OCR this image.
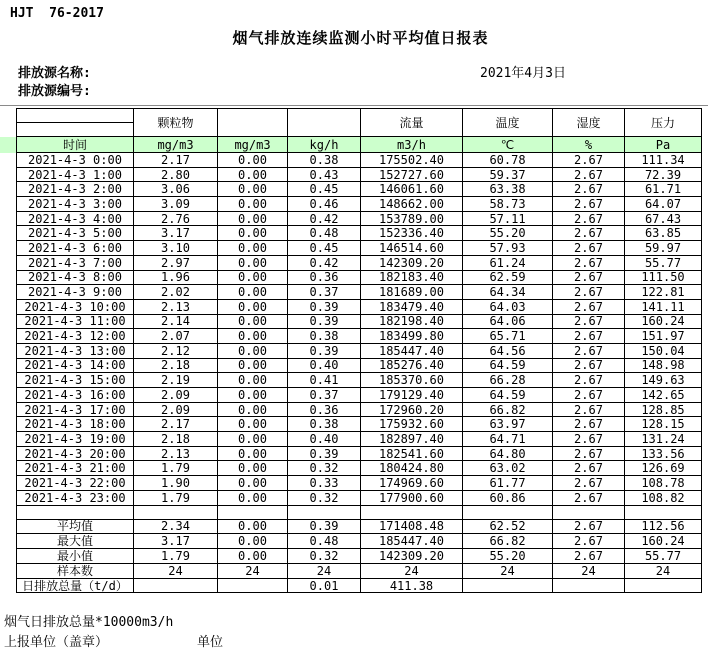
HJT  76-2017
烟气排放连续监测小时平均值日报表
排放源名称:
排放源编号:
2021年4月3日
	颗粒物			流量	温度	湿度	压力

时间	mg/m3	mg/m3	kg/h	m3/h	℃	%	Pa
2021-4-3 0:00	2.17	0.00	0.38	175502.40	60.78	2.67	111.34
2021-4-3 1:00	2.80	0.00	0.43	152727.60	59.37	2.67	72.39
2021-4-3 2:00	3.06	0.00	0.45	146061.60	63.38	2.67	61.71
2021-4-3 3:00	3.09	0.00	0.46	148662.00	58.73	2.67	64.07
2021-4-3 4:00	2.76	0.00	0.42	153789.00	57.11	2.67	67.43
2021-4-3 5:00	3.17	0.00	0.48	152336.40	55.20	2.67	63.85
2021-4-3 6:00	3.10	0.00	0.45	146514.60	57.93	2.67	59.97
2021-4-3 7:00	2.97	0.00	0.42	142309.20	61.24	2.67	55.77
2021-4-3 8:00	1.96	0.00	0.36	182183.40	62.59	2.67	111.50
2021-4-3 9:00	2.02	0.00	0.37	181689.00	64.34	2.67	122.81
2021-4-3 10:00	2.13	0.00	0.39	183479.40	64.03	2.67	141.11
2021-4-3 11:00	2.14	0.00	0.39	182198.40	64.06	2.67	160.24
2021-4-3 12:00	2.07	0.00	0.38	183499.80	65.71	2.67	151.97
2021-4-3 13:00	2.12	0.00	0.39	185447.40	64.56	2.67	150.04
2021-4-3 14:00	2.18	0.00	0.40	185276.40	64.59	2.67	148.98
2021-4-3 15:00	2.19	0.00	0.41	185370.60	66.28	2.67	149.63
2021-4-3 16:00	2.09	0.00	0.37	179129.40	64.59	2.67	142.65
2021-4-3 17:00	2.09	0.00	0.36	172960.20	66.82	2.67	128.85
2021-4-3 18:00	2.17	0.00	0.38	175932.60	63.97	2.67	128.15
2021-4-3 19:00	2.18	0.00	0.40	182897.40	64.71	2.67	131.24
2021-4-3 20:00	2.13	0.00	0.39	182541.60	64.80	2.67	133.56
2021-4-3 21:00	1.79	0.00	0.32	180424.80	63.02	2.67	126.69
2021-4-3 22:00	1.90	0.00	0.33	174969.60	61.77	2.67	108.78
2021-4-3 23:00	1.79	0.00	0.32	177900.60	60.86	2.67	108.82

平均值	2.34	0.00	0.39	171408.48	62.52	2.67	112.56
最大值	3.17	0.00	0.48	185447.40	66.82	2.67	160.24
最小值	1.79	0.00	0.32	142309.20	55.20	2.67	55.77
样本数	24	24	24	24	24	24	24
日排放总量（t/d）			0.01	411.38			
烟气日排放总量*10000m3/h
上报单位（盖章）	单位
